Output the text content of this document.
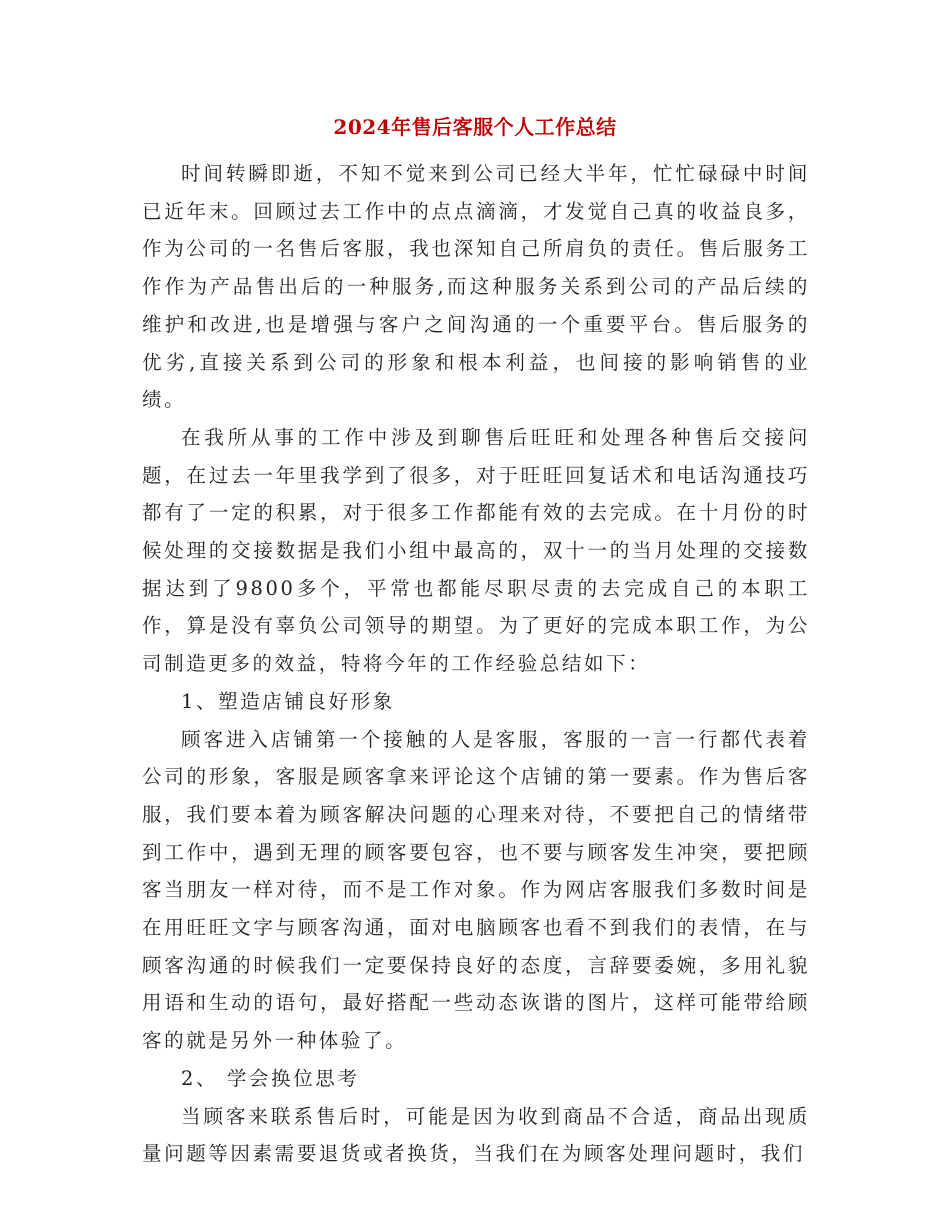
2024年售后客服个人工作总结

时间转瞬即逝，不知不觉来到公司已经大半年，忙忙碌碌中时间已近年末。回顾过去工作中的点点滴滴，才发觉自己真的收益良多，作为公司的一名售后客服，我也深知自己所肩负的责任。售后服务工作作为产品售出后的一种服务,而这种服务关系到公司的产品后续的维护和改进,也是增强与客户之间沟通的一个重要平台。售后服务的优劣,直接关系到公司的形象和根本利益，也间接的影响销售的业绩。

在我所从事的工作中涉及到聊售后旺旺和处理各种售后交接问题，在过去一年里我学到了很多，对于旺旺回复话术和电话沟通技巧都有了一定的积累，对于很多工作都能有效的去完成。在十月份的时候处理的交接数据是我们小组中最高的，双十一的当月处理的交接数据达到了9800多个，平常也都能尽职尽责的去完成自己的本职工作，算是没有辜负公司领导的期望。为了更好的完成本职工作，为公司制造更多的效益，特将今年的工作经验总结如下：

1、塑造店铺良好形象

顾客进入店铺第一个接触的人是客服，客服的一言一行都代表着公司的形象，客服是顾客拿来评论这个店铺的第一要素。作为售后客服，我们要本着为顾客解决问题的心理来对待，不要把自己的情绪带到工作中，遇到无理的顾客要包容，也不要与顾客发生冲突，要把顾客当朋友一样对待，而不是工作对象。作为网店客服我们多数时间是在用旺旺文字与顾客沟通，面对电脑顾客也看不到我们的表情，在与顾客沟通的时候我们一定要保持良好的态度，言辞要委婉，多用礼貌用语和生动的语句，最好搭配一些动态诙谐的图片，这样可能带给顾客的就是另外一种体验了。

2、 学会换位思考

当顾客来联系售后时，可能是因为收到商品不合适，商品出现质量问题等因素需要退货或者换货，当我们在为顾客处理问题时，我们
